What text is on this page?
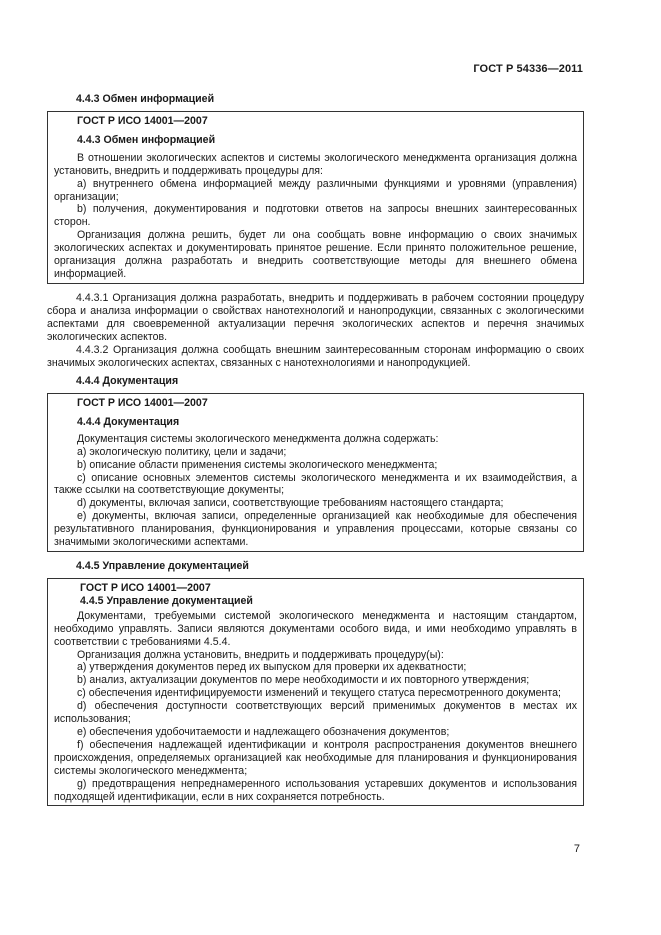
ГОСТ Р 54336—2011
4.4.3 Обмен информацией
ГОСТ Р ИСО 14001—2007
4.4.3 Обмен информацией
В отношении экологических аспектов и системы экологического менеджмента организация должна установить, внедрить и поддерживать процедуры для:
a) внутреннего обмена информацией между различными функциями и уровнями (управления) организации;
b) получения, документирования и подготовки ответов на запросы внешних заинтересованных сторон.
Организация должна решить, будет ли она сообщать вовне информацию о своих значимых экологических аспектах и документировать принятое решение. Если принято положительное решение, организация должна разработать и внедрить соответствующие методы для внешнего обмена информацией.
4.4.3.1 Организация должна разработать, внедрить и поддерживать в рабочем состоянии процедуру сбора и анализа информации о свойствах нанотехнологий и нанопродукции, связанных с экологическими аспектами для своевременной актуализации перечня экологических аспектов и перечня значимых экологических аспектов.
4.4.3.2 Организация должна сообщать внешним заинтересованным сторонам информацию о своих значимых экологических аспектах, связанных с нанотехнологиями и нанопродукцией.
4.4.4 Документация
ГОСТ Р ИСО 14001—2007
4.4.4 Документация
Документация системы экологического менеджмента должна содержать:
a) экологическую политику, цели и задачи;
b) описание области применения системы экологического менеджмента;
c) описание основных элементов системы экологического менеджмента и их взаимодействия, а также ссылки на соответствующие документы;
d) документы, включая записи, соответствующие требованиям настоящего стандарта;
e) документы, включая записи, определенные организацией как необходимые для обеспечения результативного планирования, функционирования и управления процессами, которые связаны со значимыми экологическими аспектами.
4.4.5 Управление документацией
ГОСТ Р ИСО 14001—2007
4.4.5 Управление документацией
Документами, требуемыми системой экологического менеджмента и настоящим стандартом, необходимо управлять. Записи являются документами особого вида, и ими необходимо управлять в соответствии с требованиями 4.5.4.
Организация должна установить, внедрить и поддерживать процедуру(ы):
a) утверждения документов перед их выпуском для проверки их адекватности;
b) анализ, актуализации документов по мере необходимости и их повторного утверждения;
c) обеспечения идентифицируемости изменений и текущего статуса пересмотренного документа;
d) обеспечения доступности соответствующих версий применимых документов в местах их использования;
e) обеспечения удобочитаемости и надлежащего обозначения документов;
f) обеспечения надлежащей идентификации и контроля распространения документов внешнего происхождения, определяемых организацией как необходимые для планирования и функционирования системы экологического менеджмента;
g) предотвращения непреднамеренного использования устаревших документов и использования подходящей идентификации, если в них сохраняется потребность.
7
